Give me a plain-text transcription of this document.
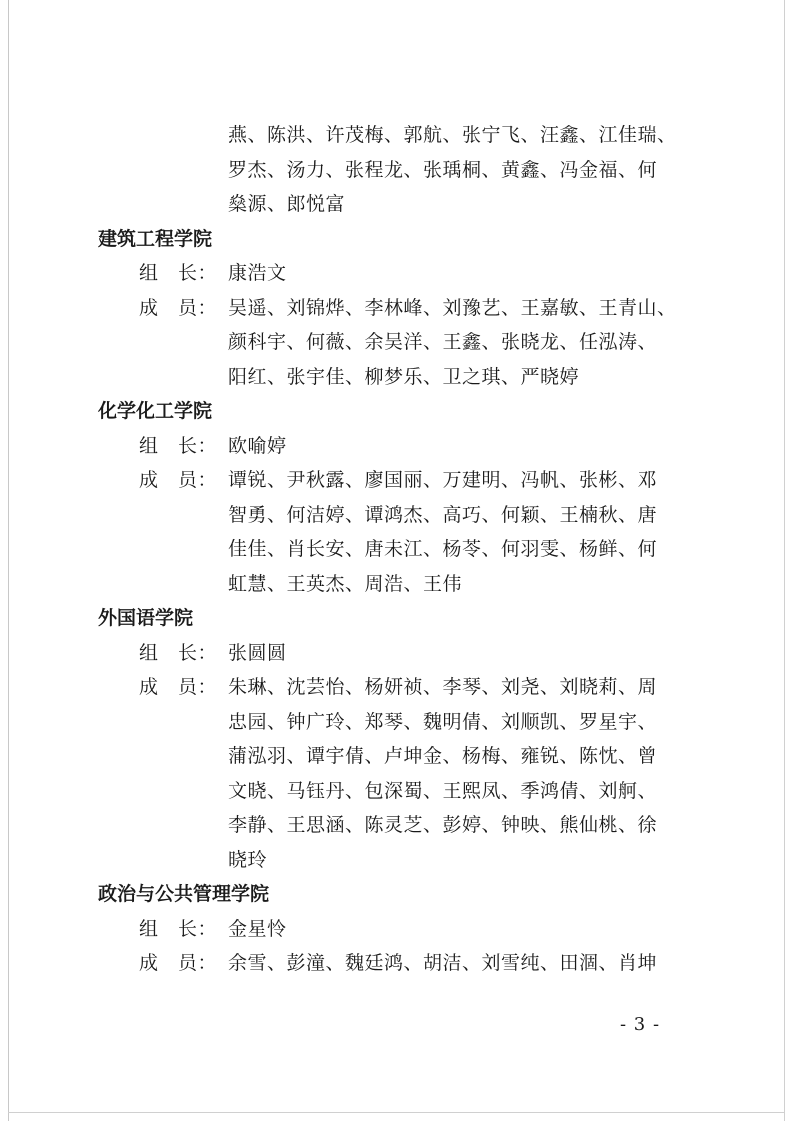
燕、陈洪、许茂梅、郭航、张宁飞、汪鑫、江佳瑞、
罗杰、汤力、张程龙、张瑀桐、黄鑫、冯金福、何
燊源、郎悦富
建筑工程学院
组　长： 康浩文
成　员： 吴遥、刘锦烨、李林峰、刘豫艺、王嘉敏、王青山、
颜科宇、何薇、余吴洋、王鑫、张晓龙、任泓涛、
阳红、张宇佳、柳梦乐、卫之琪、严晓婷
化学化工学院
组　长： 欧喻婷
成　员： 谭锐、尹秋露、廖国丽、万建明、冯帆、张彬、邓
智勇、何洁婷、谭鸿杰、高巧、何颖、王楠秋、唐
佳佳、肖长安、唐未江、杨苓、何羽雯、杨鲜、何
虹慧、王英杰、周浩、王伟
外国语学院
组　长： 张圆圆
成　员： 朱琳、沈芸怡、杨妍祯、李琴、刘尧、刘晓莉、周
忠园、钟广玲、郑琴、魏明倩、刘顺凯、罗星宇、
蒲泓羽、谭宇倩、卢坤金、杨梅、雍锐、陈忱、曾
文晓、马钰丹、包深蜀、王熙凤、季鸿倩、刘舸、
李静、王思涵、陈灵芝、彭婷、钟映、熊仙桃、徐
晓玲
政治与公共管理学院
组　长： 金星怜
成　员： 余雪、彭潼、魏廷鸿、胡洁、刘雪纯、田涸、肖坤
- 3 -
